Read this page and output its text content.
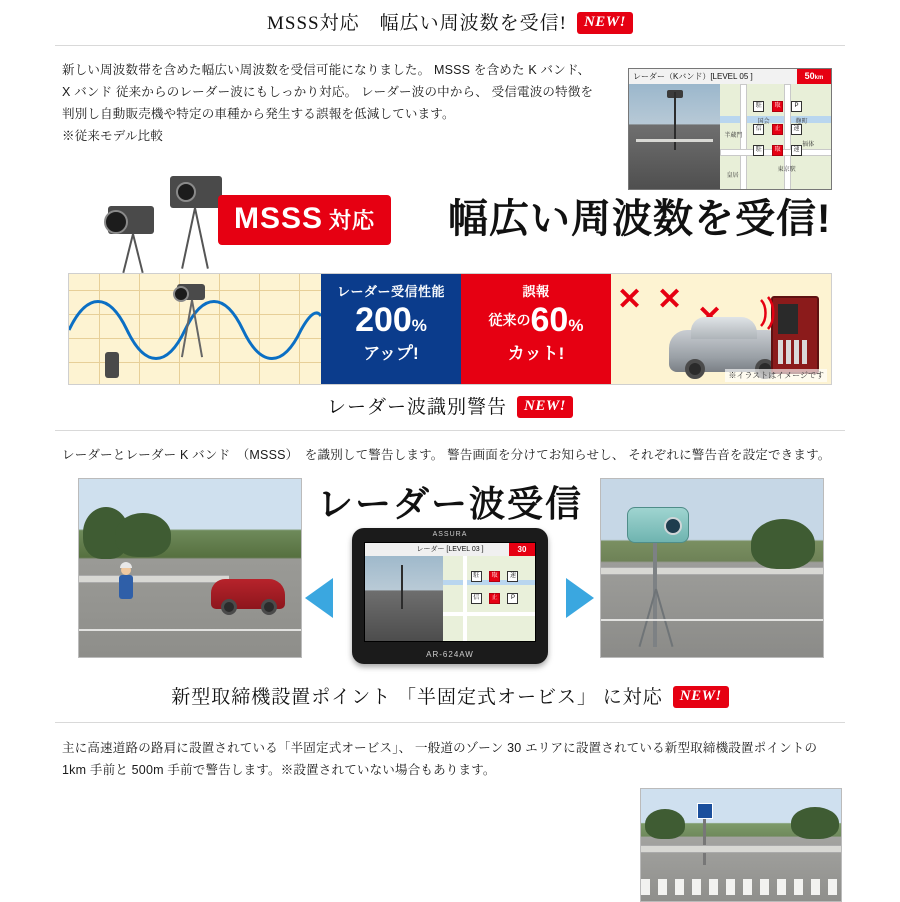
MSSS対応　幅広い周波数を受信! NEW!
新しい周波数帯を含めた幅広い周波数を受信可能になりました。 MSSS を含めた K バンド、
X バンド 従来からのレーダー波にもしっかり対応。 レーダー波の中から、 受信電波の特徴を
判別し自動販売機や特定の車種から発生する誤報を低減しています。
※従来モデル比較
レーダー（Kバンド）[LEVEL 05 ]	50km
駐	取	P
信	止	速
駐	取	速
半蔵門
東京駅
皇居
麹町
国会
福体
MSSS 対応	幅広い周波数を受信!
レーダー受信性能
200%
アップ!
誤報
従来の60%
カット!
✕ ✕
※イラストはイメージです
レーダー波識別警告 NEW!
レーダーとレーダー K バンド　（MSSS）　を識別して警告します。 警告画面を分けてお知らせし、 それぞれに警告音を設定できます。
レーダー波受信
ASSURA
レーダー [LEVEL 03 ]	30
駐	取	速
信	止	P
AR-624AW
新型取締機設置ポイント 「半固定式オービス」 に対応 NEW!
主に高速道路の路肩に設置されている「半固定式オービス」、 一般道のゾーン 30 エリアに設置されている新型取締機設置ポイントの
1km 手前と 500m 手前で警告します。※設置されていない場合もあります。
